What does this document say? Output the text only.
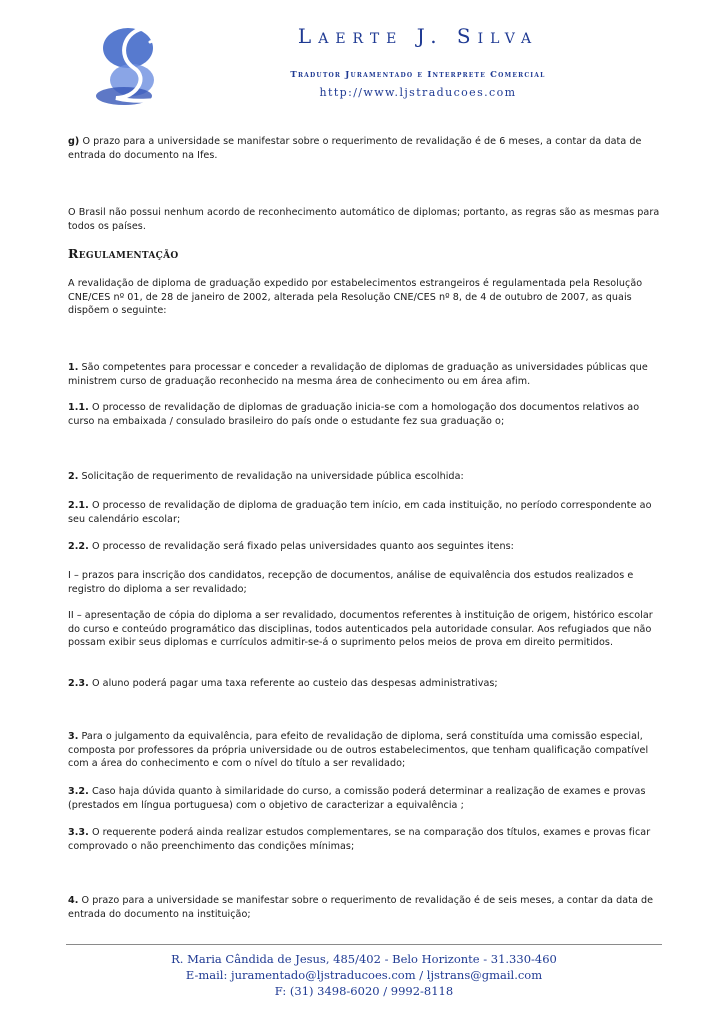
Laerte J. Silva
Tradutor Juramentado e Interprete Comercial
http://www.ljstraducoes.com

g) O prazo para a universidade se manifestar sobre o requerimento de revalidação é de 6 meses, a contar da data de entrada do documento na Ifes.

O Brasil não possui nenhum acordo de reconhecimento automático de diplomas; portanto, as regras são as mesmas para todos os países.

Regulamentação

A revalidação de diploma de graduação expedido por estabelecimentos estrangeiros é regulamentada pela Resolução CNE/CES nº 01, de 28 de janeiro de 2002, alterada pela Resolução CNE/CES nº 8, de 4 de outubro de 2007, as quais dispõem o seguinte:

1. São competentes para processar e conceder a revalidação de diplomas de graduação as universidades públicas que ministrem curso de graduação reconhecido na mesma área de conhecimento ou em área afim.

1.1. O processo de revalidação de diplomas de graduação inicia-se com a homologação dos documentos relativos ao curso na embaixada / consulado brasileiro do país onde o estudante fez sua graduação o;

2. Solicitação de requerimento de revalidação na universidade pública escolhida:

2.1. O processo de revalidação de diploma de graduação tem início, em cada instituição, no período correspondente ao seu calendário escolar;

2.2. O processo de revalidação será fixado pelas universidades quanto aos seguintes itens:

I – prazos para inscrição dos candidatos, recepção de documentos, análise de equivalência dos estudos realizados e registro do diploma a ser revalidado;

II – apresentação de cópia do diploma a ser revalidado, documentos referentes à instituição de origem, histórico escolar do curso e conteúdo programático das disciplinas, todos autenticados pela autoridade consular. Aos refugiados que não possam exibir seus diplomas e currículos admitir-se-á o suprimento pelos meios de prova em direito permitidos.

2.3. O aluno poderá pagar uma taxa referente ao custeio das despesas administrativas;

3. Para o julgamento da equivalência, para efeito de revalidação de diploma, será constituída uma comissão especial, composta por professores da própria universidade ou de outros estabelecimentos, que tenham qualificação compatível com a área do conhecimento e com o nível do título a ser revalidado;

3.2. Caso haja dúvida quanto à similaridade do curso, a comissão poderá determinar a realização de exames e provas (prestados em língua portuguesa) com o objetivo de caracterizar a equivalência ;

3.3. O requerente poderá ainda realizar estudos complementares, se na comparação dos títulos, exames e provas ficar comprovado o não preenchimento das condições mínimas;

4. O prazo para a universidade se manifestar sobre o requerimento de revalidação é de seis meses, a contar da data de entrada do documento na instituição;

R. Maria Cândida de Jesus, 485/402 - Belo Horizonte - 31.330-460
E-mail: juramentado@ljstraducoes.com / ljstrans@gmail.com
F: (31) 3498-6020 / 9992-8118
